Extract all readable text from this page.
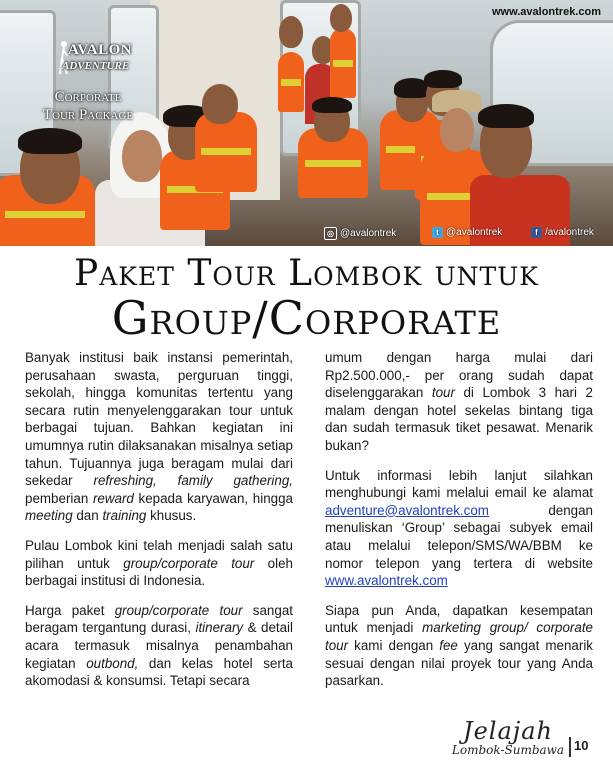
www.avalontrek.com
AVALON
ADVENTURE
Corporate
Tour Package
◎ @avalontrek	t @avalontrek	f /avalontrek
Paket Tour Lombok untuk
Group/Corporate

Banyak institusi baik instansi pemerintah, perusahaan swasta, perguruan tinggi, sekolah, hingga komunitas tertentu yang secara rutin menyelenggarakan tour untuk berbagai tujuan. Bahkan kegiatan ini umumnya rutin dilaksanakan misalnya setiap tahun. Tujuannya juga beragam mulai dari sekedar refreshing, family gathering, pemberian reward kepada karyawan, hingga meeting dan training khusus.

Pulau Lombok kini telah menjadi salah satu pilihan untuk group/corporate tour oleh berbagai institusi di Indonesia.

Harga paket group/corporate tour sangat beragam tergantung durasi, itinerary & detail acara termasuk misalnya penambahan kegiatan outbond, dan kelas hotel serta akomodasi & konsumsi. Tetapi secara

umum dengan harga mulai dari Rp2.500.000,- per orang sudah dapat diselenggarakan tour di Lombok 3 hari 2 malam dengan hotel sekelas bintang tiga dan sudah termasuk tiket pesawat. Menarik bukan?

Untuk informasi lebih lanjut silahkan menghubungi kami melalui email ke alamat adventure@avalontrek.com dengan menuliskan ‘Group’ sebagai subyek email atau melalui telepon/SMS/WA/BBM ke nomor telepon yang tertera di website www.avalontrek.com

Siapa pun Anda, dapatkan kesempatan untuk menjadi marketing group/ corporate tour kami dengan fee yang sangat menarik sesuai dengan nilai proyek tour yang Anda pasarkan.

Jelajah
Lombok-Sumbawa 10
